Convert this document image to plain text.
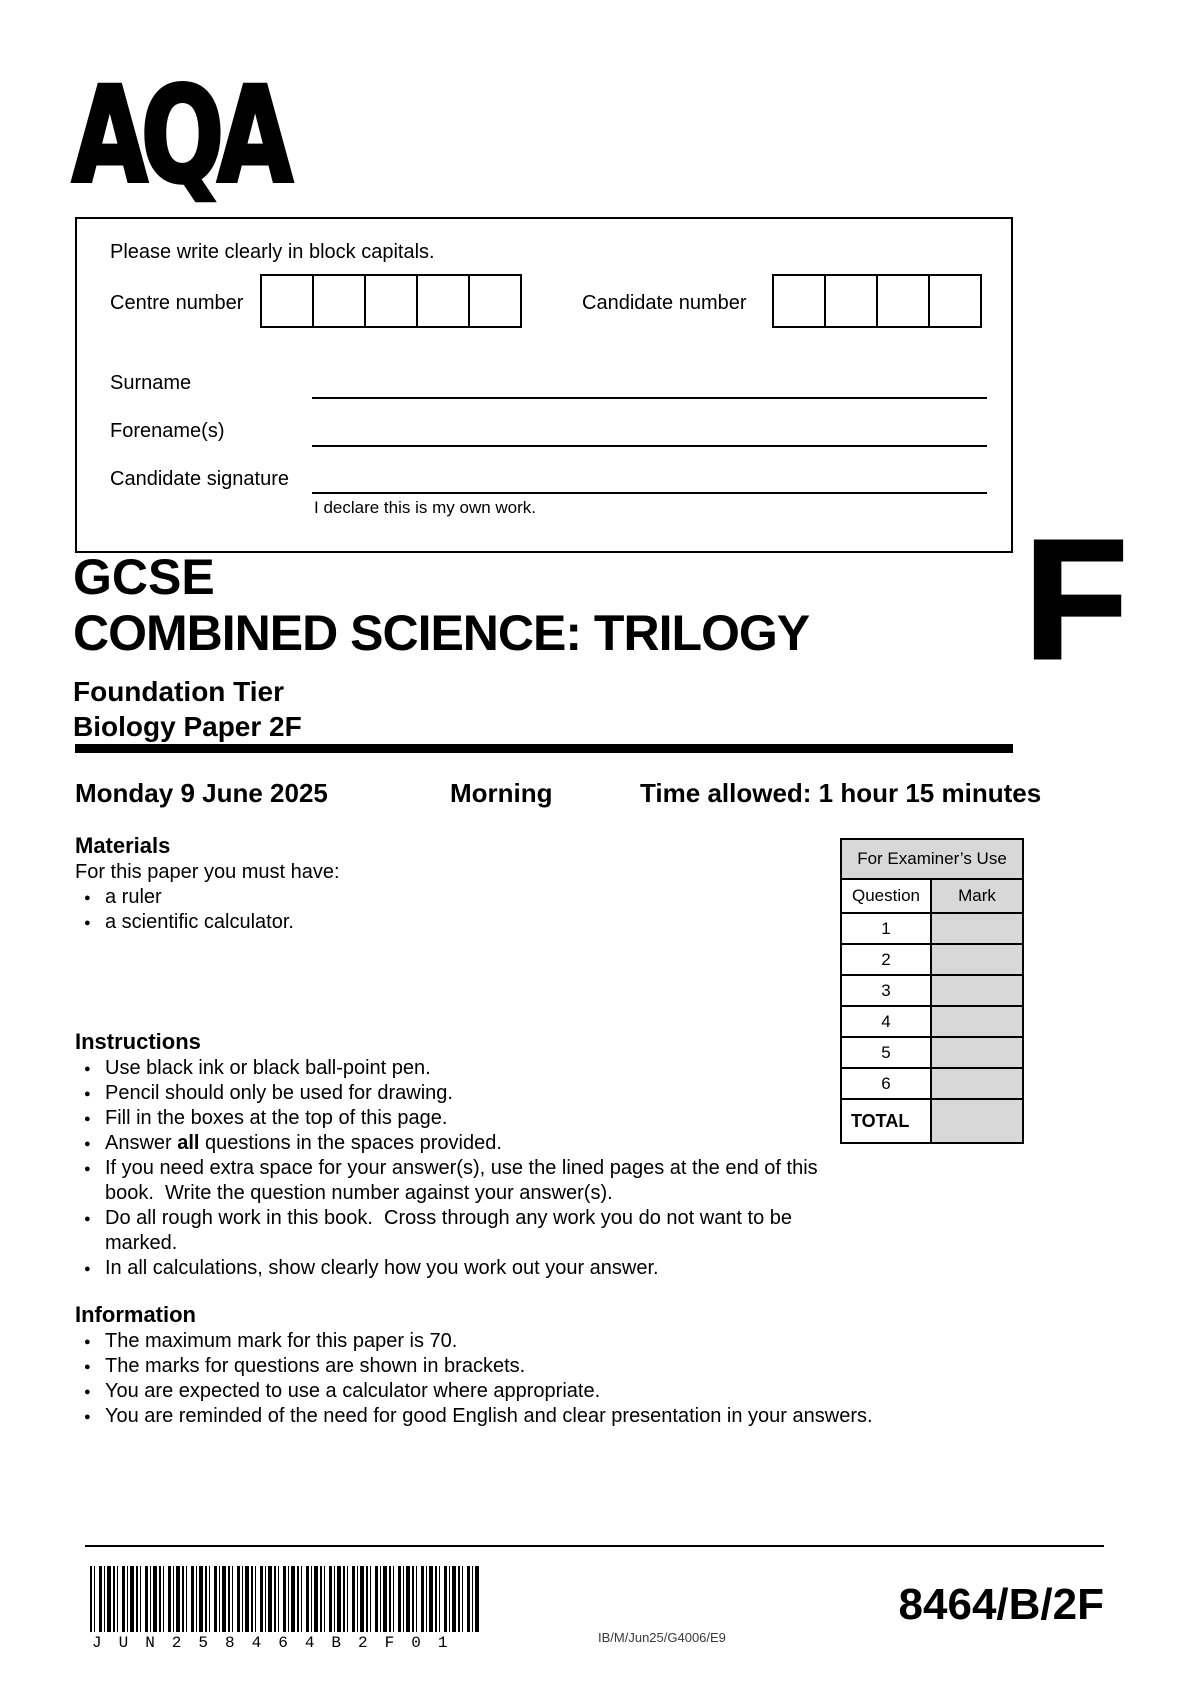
AQA
Please write clearly in block capitals.
Centre number	Candidate number
Surname
Forename(s)
Candidate signature
I declare this is my own work.
GCSE
COMBINED SCIENCE: TRILOGY F
Foundation Tier
Biology Paper 2F
Monday 9 June 2025	Morning	Time allowed: 1 hour 15 minutes
Materials
For this paper you must have:
● a ruler
● a scientific calculator.
For Examiner’s Use
Question	Mark
1
2
3
4
5
6
TOTAL
Instructions
● Use black ink or black ball-point pen.
● Pencil should only be used for drawing.
● Fill in the boxes at the top of this page.
● Answer all questions in the spaces provided.
● If you need extra space for your answer(s), use the lined pages at the end of this book.  Write the question number against your answer(s).
● Do all rough work in this book.  Cross through any work you do not want to be marked.
● In all calculations, show clearly how you work out your answer.
Information
● The maximum mark for this paper is 70.
● The marks for questions are shown in brackets.
● You are expected to use a calculator where appropriate.
● You are reminded of the need for good English and clear presentation in your answers.
JUN258464B2F01	IB/M/Jun25/G4006/E9
8464/B/2F
